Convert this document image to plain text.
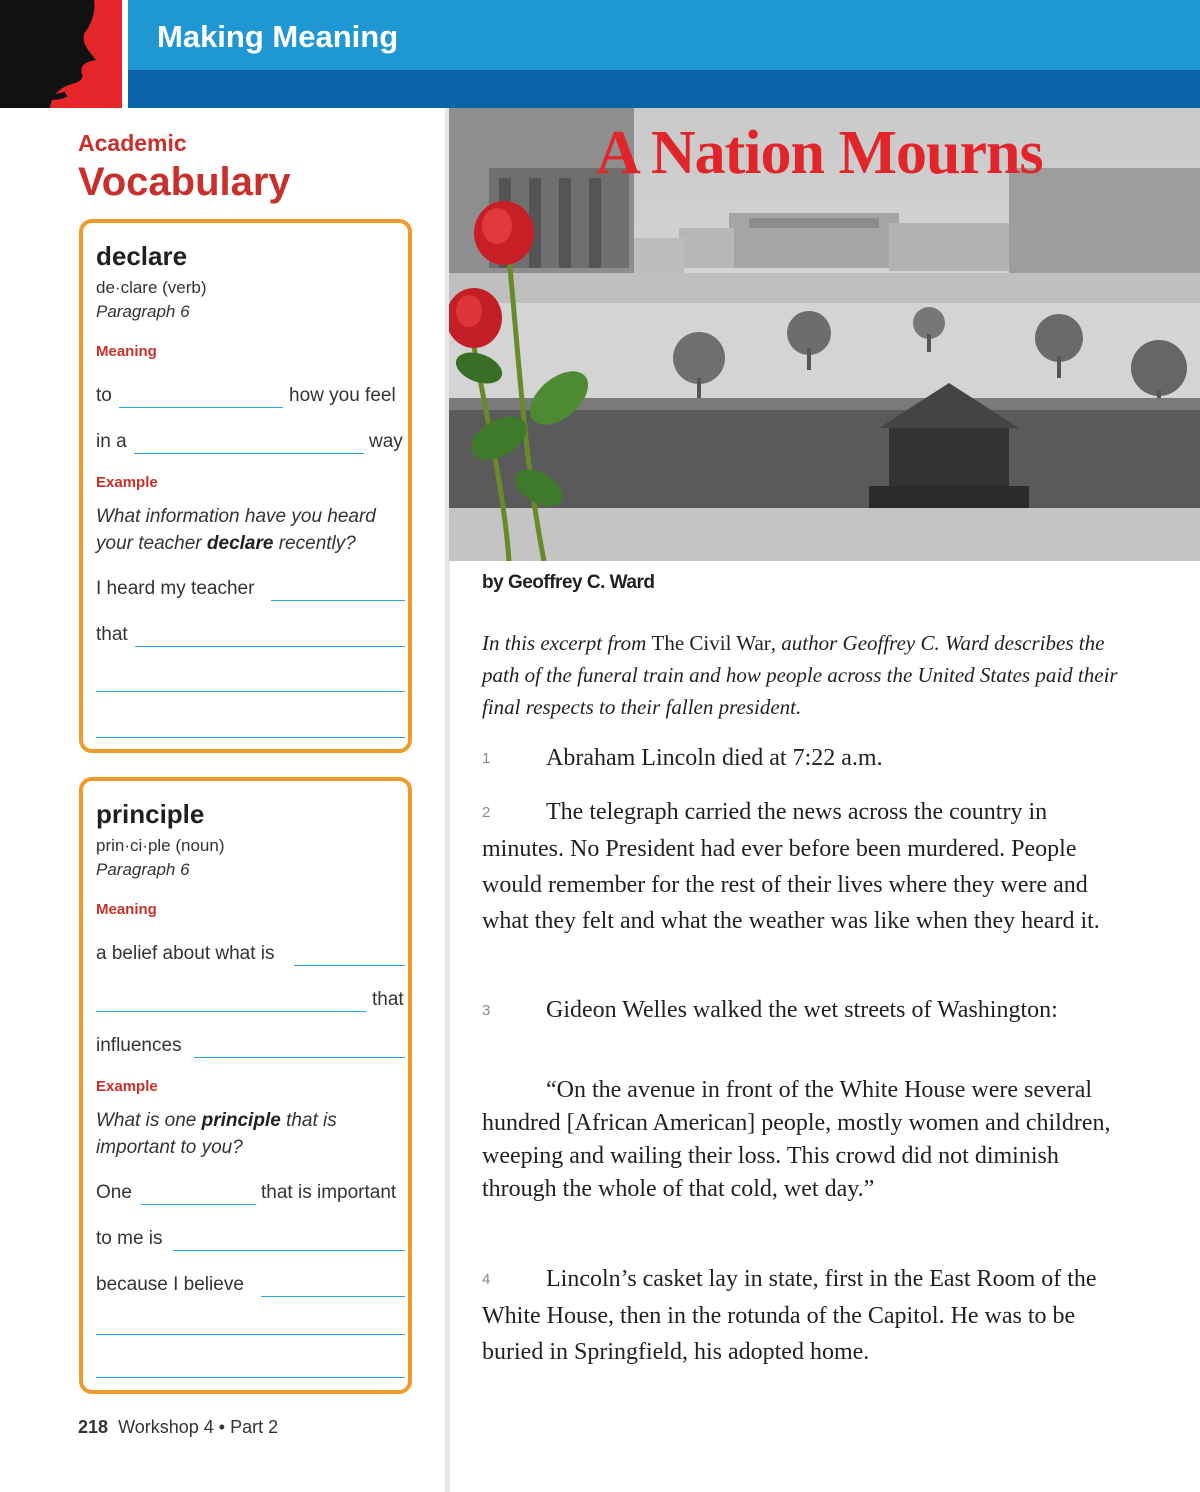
Making Meaning
Academic
Vocabulary
declare
de·clare (verb)
Paragraph 6
Meaning
to	how you feel
in a	way
Example
What information have you heard your teacher declare recently?
I heard my teacher
that
principle
prin·ci·ple (noun)
Paragraph 6
Meaning
a belief about what is
that
influences
Example
What is one principle that is important to you?
One	that is important
to me is
because I believe
218 Workshop 4 • Part 2
A Nation Mourns
by Geoffrey C. Ward
In this excerpt from The Civil War, author Geoffrey C. Ward describes the path of the funeral train and how people across the United States paid their final respects to their fallen president.
1 Abraham Lincoln died at 7:22 a.m.
2 The telegraph carried the news across the country in minutes. No President had ever before been murdered. People would remember for the rest of their lives where they were and what they felt and what the weather was like when they heard it.
3 Gideon Welles walked the wet streets of Washington:
“On the avenue in front of the White House were several hundred [African American] people, mostly women and children, weeping and wailing their loss. This crowd did not diminish through the whole of that cold, wet day.”
4 Lincoln’s casket lay in state, first in the East Room of the White House, then in the rotunda of the Capitol. He was to be buried in Springfield, his adopted home.
